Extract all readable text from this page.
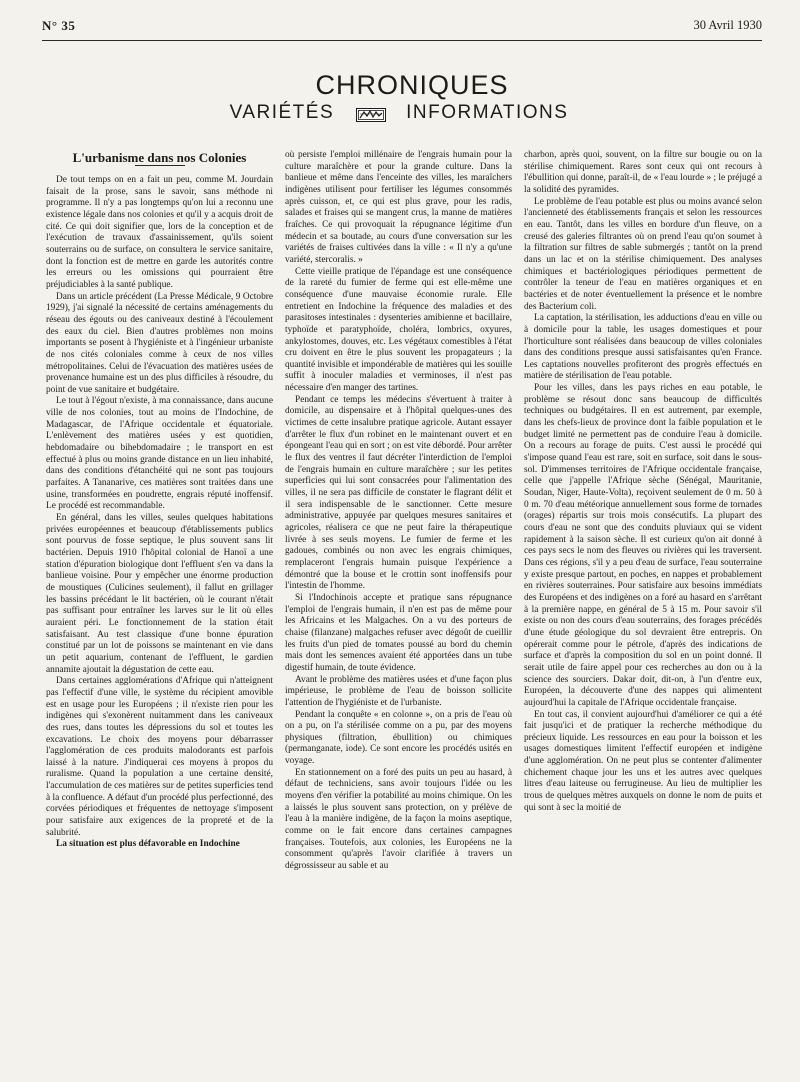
N° 35	30 Avril 1930
CHRONIQUES
VARIÉTÉS	INFORMATIONS

L'urbanisme dans nos Colonies

De tout temps on en a fait un peu, comme M. Jourdain faisait de la prose, sans le savoir, sans méthode ni programme. Il n'y a pas longtemps qu'on lui a reconnu une existence légale dans nos colonies et qu'il y a acquis droit de cité. Ce qui doit signifier que, lors de la conception et de l'exécution de travaux d'assainissement, qu'ils soient souterrains ou de surface, on consultera le service sanitaire, dont la fonction est de mettre en garde les autorités contre les erreurs ou les omissions qui pourraient être préjudiciables à la santé publique.

Dans un article précédent (La Presse Médicale, 9 Octobre 1929), j'ai signalé la nécessité de certains aménagements du réseau des égouts ou des caniveaux destiné à l'écoulement des eaux du ciel. Bien d'autres problèmes non moins importants se posent à l'hygiéniste et à l'ingénieur urbaniste de nos cités coloniales comme à ceux de nos villes métropolitaines. Celui de l'évacuation des matières usées de provenance humaine est un des plus difficiles à résoudre, du point de vue sanitaire et budgétaire.

Le tout à l'égout n'existe, à ma connaissance, dans aucune ville de nos colonies, tout au moins de l'Indochine, de Madagascar, de l'Afrique occidentale et équatoriale. L'enlèvement des matières usées y est quotidien, hebdomadaire ou bihebdomadaire ; le transport en est effectué à plus ou moins grande distance en un lieu inhabité, dans des conditions d'étanchéité qui ne sont pas toujours parfaites. A Tananarive, ces matières sont traitées dans une usine, transformées en poudrette, engrais réputé inoffensif. Le procédé est recommandable.

En général, dans les villes, seules quelques habitations privées européennes et beaucoup d'établissements publics sont pourvus de fosse septique, le plus souvent sans lit bactérien. Depuis 1910 l'hôpital colonial de Hanoï a une station d'épuration biologique dont l'effluent s'en va dans la banlieue voisine. Pour y empêcher une énorme production de moustiques (Culicines seulement), il fallut en grillager les bassins précédant le lit bactérien, où le courant n'était pas suffisant pour entraîner les larves sur le lit où elles auraient péri. Le fonctionnement de la station était satisfaisant. Au test classique d'une bonne épuration constitué par un lot de poissons se maintenant en vie dans un petit aquarium, contenant de l'effluent, le gardien annamite ajoutait la dégustation de cette eau.

Dans certaines agglomérations d'Afrique qui n'atteignent pas l'effectif d'une ville, le système du récipient amovible est en usage pour les Européens ; il n'existe rien pour les indigènes qui s'exonèrent nuitamment dans les caniveaux des rues, dans toutes les dépressions du sol et toutes les excavations. Le choix des moyens pour débarrasser l'agglomération de ces produits malodorants est parfois laissé à la nature. J'indiquerai ces moyens à propos du ruralisme. Quand la population a une certaine densité, l'accumulation de ces matières sur de petites superficies tend à la confluence. A défaut d'un procédé plus perfectionné, des corvées périodiques et fréquentes de nettoyage s'imposent pour satisfaire aux exigences de la propreté et de la salubrité.

La situation est plus défavorable en Indochine

où persiste l'emploi millénaire de l'engrais humain pour la culture maraîchère et pour la grande culture. Dans la banlieue et même dans l'enceinte des villes, les maraîchers indigènes utilisent pour fertiliser les légumes consommés après cuisson, et, ce qui est plus grave, pour les radis, salades et fraises qui se mangent crus, la manne de matières fraîches. Ce qui provoquait la répugnance légitime d'un médecin et sa boutade, au cours d'une conversation sur les variétés de fraises cultivées dans la ville : « Il n'y a qu'une variété, stercoralis. »

Cette vieille pratique de l'épandage est une conséquence de la rareté du fumier de ferme qui est elle-même une conséquence d'une mauvaise économie rurale. Elle entretient en Indochine la fréquence des maladies et des parasitoses intestinales : dysenteries amibienne et bacillaire, typhoïde et paratyphoïde, choléra, lombrics, oxyures, ankylostomes, douves, etc. Les végétaux comestibles à l'état cru doivent en être le plus souvent les propagateurs ; la quantité invisible et impondérable de matières qui les souille suffit à inoculer maladies et verminoses, il n'est pas nécessaire d'en manger des tartines.

Pendant ce temps les médecins s'évertuent à traiter à domicile, au dispensaire et à l'hôpital quelques-unes des victimes de cette insalubre pratique agricole. Autant essayer d'arrêter le flux d'un robinet en le maintenant ouvert et en épongeant l'eau qui en sort ; on est vite débordé. Pour arrêter le flux des ventres il faut décréter l'interdiction de l'emploi de l'engrais humain en culture maraîchère ; sur les petites superficies qui lui sont consacrées pour l'alimentation des villes, il ne sera pas difficile de constater le flagrant délit et il sera indispensable de le sanctionner. Cette mesure administrative, appuyée par quelques mesures sanitaires et agricoles, réalisera ce que ne peut faire la thérapeutique livrée à ses seuls moyens. Le fumier de ferme et les gadoues, combinés ou non avec les engrais chimiques, remplaceront l'engrais humain puisque l'expérience a démontré que la bouse et le crottin sont inoffensifs pour l'intestin de l'homme.

Si l'Indochinois accepte et pratique sans répugnance l'emploi de l'engrais humain, il n'en est pas de même pour les Africains et les Malgaches. On a vu des porteurs de chaise (filanzane) malgaches refuser avec dégoût de cueillir les fruits d'un pied de tomates poussé au bord du chemin mais dont les semences avaient été apportées dans un tube digestif humain, de toute évidence.

Avant le problème des matières usées et d'une façon plus impérieuse, le problème de l'eau de boisson sollicite l'attention de l'hygiéniste et de l'urbaniste.

Pendant la conquête « en colonne », on a pris de l'eau où on a pu, on l'a stérilisée comme on a pu, par des moyens physiques (filtration, ébullition) ou chimiques (permanganate, iode). Ce sont encore les procédés usités en voyage.

En stationnement on a foré des puits un peu au hasard, à défaut de techniciens, sans avoir toujours l'idée ou les moyens d'en vérifier la potabilité au moins chimique. On les a laissés le plus souvent sans protection, on y prélève de l'eau à la manière indigène, de la façon la moins aseptique, comme on le fait encore dans certaines campagnes françaises. Toutefois, aux colonies, les Européens ne la consomment qu'après l'avoir clarifiée à travers un dégrossisseur au sable et au

charbon, après quoi, souvent, on la filtre sur bougie ou on la stérilise chimiquement. Rares sont ceux qui ont recours à l'ébullition qui donne, paraît-il, de « l'eau lourde » ; le préjugé a la solidité des pyramides.

Le problème de l'eau potable est plus ou moins avancé selon l'ancienneté des établissements français et selon les ressources en eau. Tantôt, dans les villes en bordure d'un fleuve, on a creusé des galeries filtrantes où on prend l'eau qu'on soumet à la filtration sur filtres de sable submergés ; tantôt on la prend dans un lac et on la stérilise chimiquement. Des analyses chimiques et bactériologiques périodiques permettent de contrôler la teneur de l'eau en matières organiques et en bactéries et de noter éventuellement la présence et le nombre des Bacterium coli.

La captation, la stérilisation, les adductions d'eau en ville ou à domicile pour la table, les usages domestiques et pour l'horticulture sont réalisées dans beaucoup de villes coloniales dans des conditions presque aussi satisfaisantes qu'en France. Les captations nouvelles profiteront des progrès effectués en matière de stérilisation de l'eau potable.

Pour les villes, dans les pays riches en eau potable, le problème se résout donc sans beaucoup de difficultés techniques ou budgétaires. Il en est autrement, par exemple, dans les chefs-lieux de province dont la faible population et le budget limité ne permettent pas de conduire l'eau à domicile. On a recours au forage de puits. C'est aussi le procédé qui s'impose quand l'eau est rare, soit en surface, soit dans le sous-sol. D'immenses territoires de l'Afrique occidentale française, celle que j'appelle l'Afrique sèche (Sénégal, Mauritanie, Soudan, Niger, Haute-Volta), reçoivent seulement de 0 m. 50 à 0 m. 70 d'eau météorique annuellement sous forme de tornades (orages) répartis sur trois mois consécutifs. La plupart des cours d'eau ne sont que des conduits pluviaux qui se vident rapidement à la saison sèche. Il est curieux qu'on ait donné à ces pays secs le nom des fleuves ou rivières qui les traversent. Dans ces régions, s'il y a peu d'eau de surface, l'eau souterraine y existe presque partout, en poches, en nappes et probablement en rivières souterraines. Pour satisfaire aux besoins immédiats des Européens et des indigènes on a foré au hasard en s'arrêtant à la première nappe, en général de 5 à 15 m. Pour savoir s'il existe ou non des cours d'eau souterrains, des forages précédés d'une étude géologique du sol devraient être entrepris. On opérerait comme pour le pétrole, d'après des indications de surface et d'après la composition du sol en un point donné. Il serait utile de faire appel pour ces recherches au don ou à la science des sourciers. Dakar doit, dit-on, à l'un d'entre eux, Européen, la découverte d'une des nappes qui alimentent aujourd'hui la capitale de l'Afrique occidentale française.

En tout cas, il convient aujourd'hui d'améliorer ce qui a été fait jusqu'ici et de pratiquer la recherche méthodique du précieux liquide. Les ressources en eau pour la boisson et les usages domestiques limitent l'effectif européen et indigène d'une agglomération. On ne peut plus se contenter d'alimenter chichement chaque jour les uns et les autres avec quelques litres d'eau laiteuse ou ferrugineuse. Au lieu de multiplier les trous de quelques mètres auxquels on donne le nom de puits et qui sont à sec la moitié de
